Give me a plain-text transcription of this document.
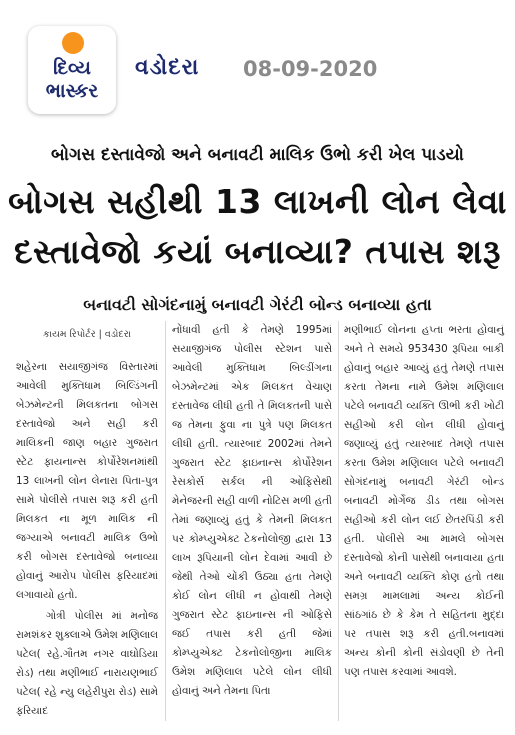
દિવ્ય
ભાસ્કર
વડોદરા 08-09-2020
બોગસ દસ્તાવેજો અને બનાવટી માલિક ઉભો કરી ખેલ પાડયો
બોગસ સહીથી 13 લાખની લોન લેવા
દસ્તાવેજો કયાં બનાવ્યા? તપાસ શરૂ
બનાવટી સોગંદનામું બનાવટી ગેરંટી બોન્ડ બનાવ્યા હતા
કાયમ રિપોર્ટર | વડોદરા

શહેરના સયાજીગંજ વિસ્તારમાં આવેલી મુક્તિધામ બિલ્ડિંગની બેઝમેન્ટની મિલકતના બોગસ દસ્તાવેજો અને સહી કરી માલિકની જાણ બહાર ગુજરાત સ્ટેટ ફાયનાન્સ કોર્પોરેશનમાંથી 13 લાખની લોન લેનારા પિતા-પુત્ર સામે પોલીસે તપાસ શરૂ કરી હતી મિલકત ના મૂળ માલિક ની જગ્યાએ બનાવટી માલિક ઉભો કરી બોગસ દસ્તાવેજો બનાવ્યા હોવાનું આરોપ પોલીસ ફરિયાદમાં લગાવાયો હતો.

ગોત્રી પોલીસ માં મનોજ રામશંકર શુક્લાએ ઉમેશ મણિલાલ પટેલ( રહે.ગૌતમ નગર વાઘોડિયા રોડ) તથા મણીભાઈ નારાયણભાઈ પટેલ( રહે ન્યુ લહેરીપુરા રોડ) સામે ફરિયાદ

નોંધાવી હતી કે તેમણે 1995માં સયાજીગંજ પોલીસ સ્ટેશન પાસે આવેલી મુક્તિધામ બિલ્ડીંગના બેઝમેન્ટમાં એક મિલકત વેચાણ દસ્તાવેજ લીધી હતી તે મિલકતની પાસે જ તેમના ફુવા ના પુત્રે પણ મિલકત લીધી હતી. ત્યારબાદ 2002માં તેમને ગુજરાત સ્ટેટ ફાઇનાન્સ કોર્પોરેશન રેસકોર્સ સર્કલ ની ઓફિસેથી મેનેજરની સહી વાળી નોટિસ મળી હતી તેમાં જણાવ્યું હતું કે તેમની મિલકત પર કોમ્પ્યુએક્ટ ટેકનોલોજી દ્વારા 13 લાખ રૂપિયાની લોન દેવામાં આવી છે જેથી તેઓ ચોંકી ઉઠ્યા હતા તેમણે કોઈ લોન લીધી ન હોવાથી તેમણે ગુજરાત સ્ટેટ ફાઇનાન્સ ની ઓફિસે જઈ તપાસ કરી હતી જેમાં કોમ્પ્યુએક્ટ ટેકનોલોજીના માલિક ઉમેશ મણિલાલ પટેલે લોન લીધી હોવાનું અને તેમના પિતા

મણીભાઈ લોનના હપ્તા ભરતા હોવાનું અને તે સમયે 953430 રૂપિયા બાકી હોવાનું બહાર આવ્યું હતું તેમણે તપાસ કરતા તેમના નામે ઉમેશ મણિલાલ પટેલે બનાવટી વ્યક્તિ ઊભી કરી ખોટી સહીઓ કરી લોન લીધી હોવાનું જણાવ્યું હતું ત્યારબાદ તેમણે તપાસ કરતા ઉમેશ મણિલાલ પટેલે બનાવટી સોગંદનામું બનાવટી ગેરંટી બોન્ડ બનાવટી મોર્ગેજ ડીડ તથા બોગસ સહીઓ કરી લોન લઈ છેતરપિંડી કરી હતી. પોલીસે આ મામલે બોગસ દસ્તાવેજો કોની પાસેથી બનાવાયા હતા અને બનાવટી વ્યક્તિ કોણ હતો તથા સમગ્ર મામલામાં અન્ય કોઈની સાંઠગાંઠ છે કે કેમ તે સહિતના મુદ્દા પર તપાસ શરૂ કરી હતી.બનાવમાં અન્ય કોની કોની સંડોવણી છે તેની પણ તપાસ કરવામાં આવશે.
